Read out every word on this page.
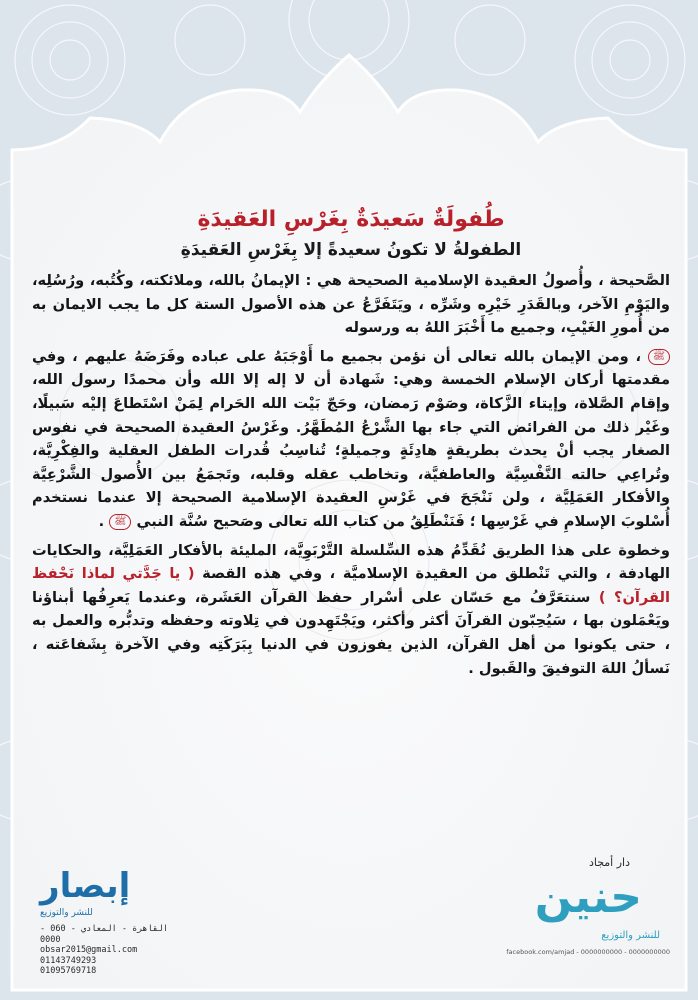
طُفولَةٌ سَعيدَةٌ بِغَرْسِ العَقيدَةِ
الطفولةُ لا تكونُ سعيدةً إلا بِغَرْسِ العَقيدَةِ

الصَّحيحة ، وأُصولُ العقيدة الإسلامية الصحيحة هي : الإيمانُ بالله، وملائكته، وكُتُبه، ورُسُلِه، واليَوْمِ الآخر، وبالقَدَرِ خَيْرِه وشَرِّه ، ويَتَفَرَّعُ عن هذه الأصول الستة كل ما يجب الايمان به من أُمورِ الغَيْبِ، وجميع ما أَخْبَرَ اللهُ به ورسوله

ﷺ ، ومن الإيمان بالله تعالى أن نؤمن بجميع ما أَوْجَبَهُ على عباده وفَرَضَهُ عليهم ، وفي مقدمتها أركان الإسلام الخمسة وهي: شَهادة أن لا إله إلا الله وأن محمدًا رسول الله، وإقام الصَّلاة، وإيتاء الزَّكاة، وصَوْم رَمضان، وحَجّ بَيْت الله الحَرام لِمَنْ اسْتَطاعَ إليْه سَبيلًا، وغَيْر ذلك من الفرائض التي جاء بها الشَّرْعُ المُطَهَّرُ. وغَرْسُ العقيدة الصحيحة في نفوس الصغار يجب أنْ يحدث بطريقةٍ هادِئَةٍ وجميلةٍ؛ تُناسِبُ قُدرات الطفل العقلية والفِكْرِيَّة، وتُراعِي حالته النَّفْسِيَّة والعاطفيَّة، وتخاطب عقله وقلبه، وتَجمَعُ بين الأُصول الشَّرْعِيَّة والأفكار العَمَلِيَّة ، ولن نَنْجَحَ في غَرْسِ العقيدة الإسلامية الصحيحة إلا عندما نستخدم أُسْلوبَ الإسلامِ في غَرْسِها ؛ فَنَنْطَلِقُ من كتاب الله تعالى وصَحيح سُنَّة النبي ﷺ .

وخطوة على هذا الطريق نُقَدِّمُ هذه السِّلسلة التَّرْبَوِيَّة، المليئة بالأفكار العَمَلِيَّة، والحكايات الهادفة ، والتي تَنْطلق من العقيدة الإسلاميَّة ، وفي هذه القصة ( يا جَدَّتي لماذا نَحْفظ القرآن؟ ) سنتعَرَّفُ مع حَسّان على أسْرار حفظ القرآن العَشَرة، وعندما يَعرِفُها أبناؤنا ويَعْمَلون بها ، سَيُحِبّون القرآنَ أكثر وأكثر، ويَجْتَهِدون في تِلاوته وحفظه وتدبُّره والعمل به ، حتى يكونوا من أهل القرآن، الذين يفوزون في الدنيا بِبَرَكَتِه وفي الآخرة بِشَفاعَته ، نَسألُ اللهَ التوفيقَ والقَبول .

إبصار
للنشر والتوزيع
القاهرة - المعادي - 060 - 0000
obsar2015@gmail.com
01143749293
01095769718
دار أمجاد
حنين
للنشر والتوزيع
facebook.com/amjad - 0000000000 - 0000000000
